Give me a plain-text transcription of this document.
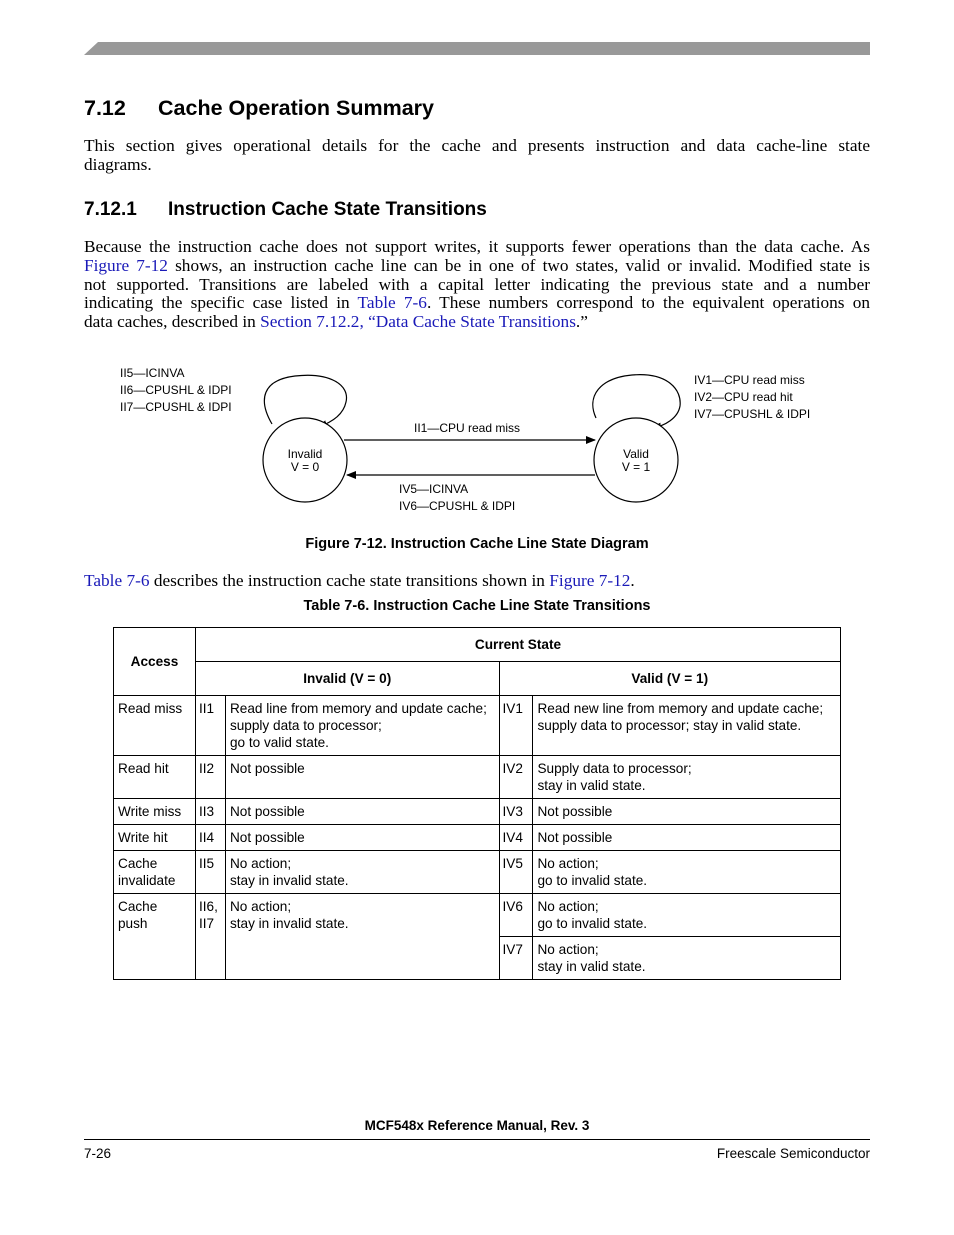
7.12 Cache Operation Summary
This section gives operational details for the cache and presents instruction and data cache-line state
diagrams.
7.12.1 Instruction Cache State Transitions
Because the instruction cache does not support writes, it supports fewer operations than the data cache. As
Figure 7-12 shows, an instruction cache line can be in one of two states, valid or invalid. Modified state is
not supported. Transitions are labeled with a capital letter indicating the previous state and a number
indicating the specific case listed in Table 7-6. These numbers correspond to the equivalent operations on
data caches, described in Section 7.12.2, “Data Cache State Transitions.”
Invalid
V = 0
Valid
V = 1
II5—ICINVA
II6—CPUSHL & IDPI
II7—CPUSHL & IDPI
IV1—CPU read miss
IV2—CPU read hit
IV7—CPUSHL & IDPI
II1—CPU read miss
IV5—ICINVA
IV6—CPUSHL & IDPI
Figure 7-12. Instruction Cache Line State Diagram
Table 7-6 describes the instruction cache state transitions shown in Figure 7-12.
Table 7-6. Instruction Cache Line State Transitions
Access	Current State			
	Invalid (V = 0)		Valid (V = 1)	
Read miss	II1	Read line from memory and update cache;
supply data to processor;
go to valid state.	IV1	Read new line from memory and update cache;
supply data to processor; stay in valid state.
Read hit	II2	Not possible	IV2	Supply data to processor;
stay in valid state.
Write miss	II3	Not possible	IV3	Not possible
Write hit	II4	Not possible	IV4	Not possible
Cache
invalidate	II5	No action;
stay in invalid state.	IV5	No action;
go to invalid state.
Cache
push	II6,
II7	No action;
stay in invalid state.	IV6	No action;
go to invalid state.
			IV7	No action;
stay in valid state.
MCF548x Reference Manual, Rev. 3
7-26	Freescale Semiconductor
